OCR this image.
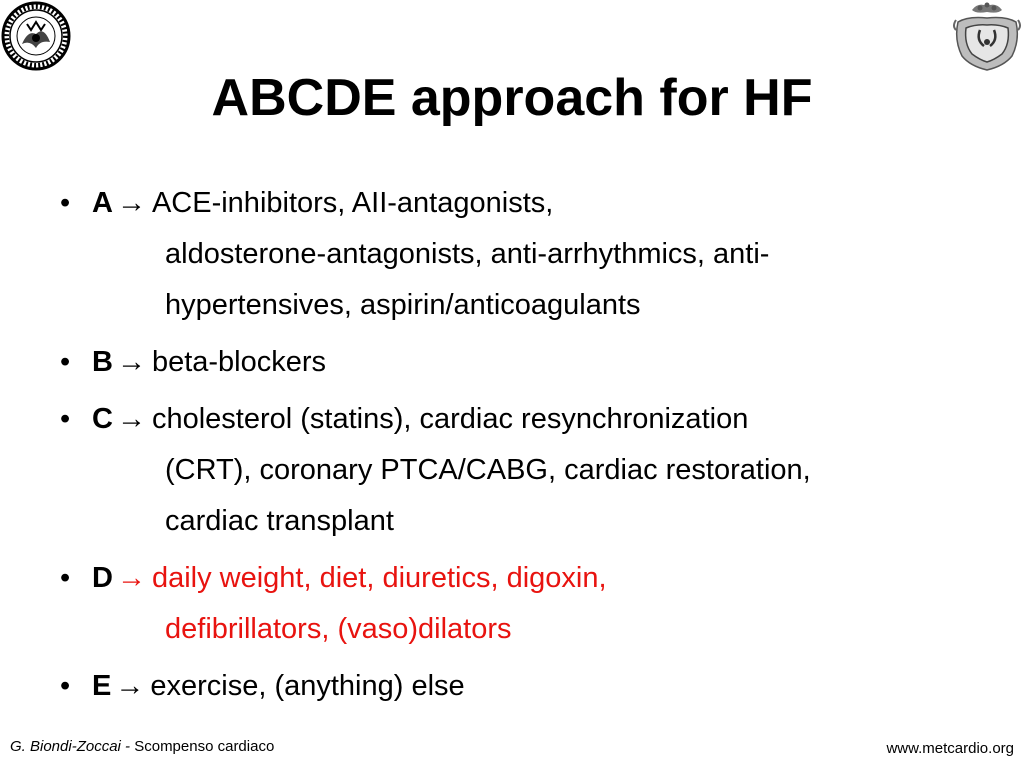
ABCDE approach for HF
• A → ACE-inhibitors, AII-antagonists,
aldosterone-antagonists, anti-arrhythmics, anti-
hypertensives, aspirin/anticoagulants
• B → beta-blockers
• C → cholesterol (statins), cardiac resynchronization
(CRT), coronary PTCA/CABG, cardiac restoration,
cardiac transplant
• D → daily weight, diet, diuretics, digoxin,
defibrillators, (vaso)dilators
• E → exercise, (anything) else
G. Biondi-Zoccai - Scompenso cardiaco	www.metcardio.org
